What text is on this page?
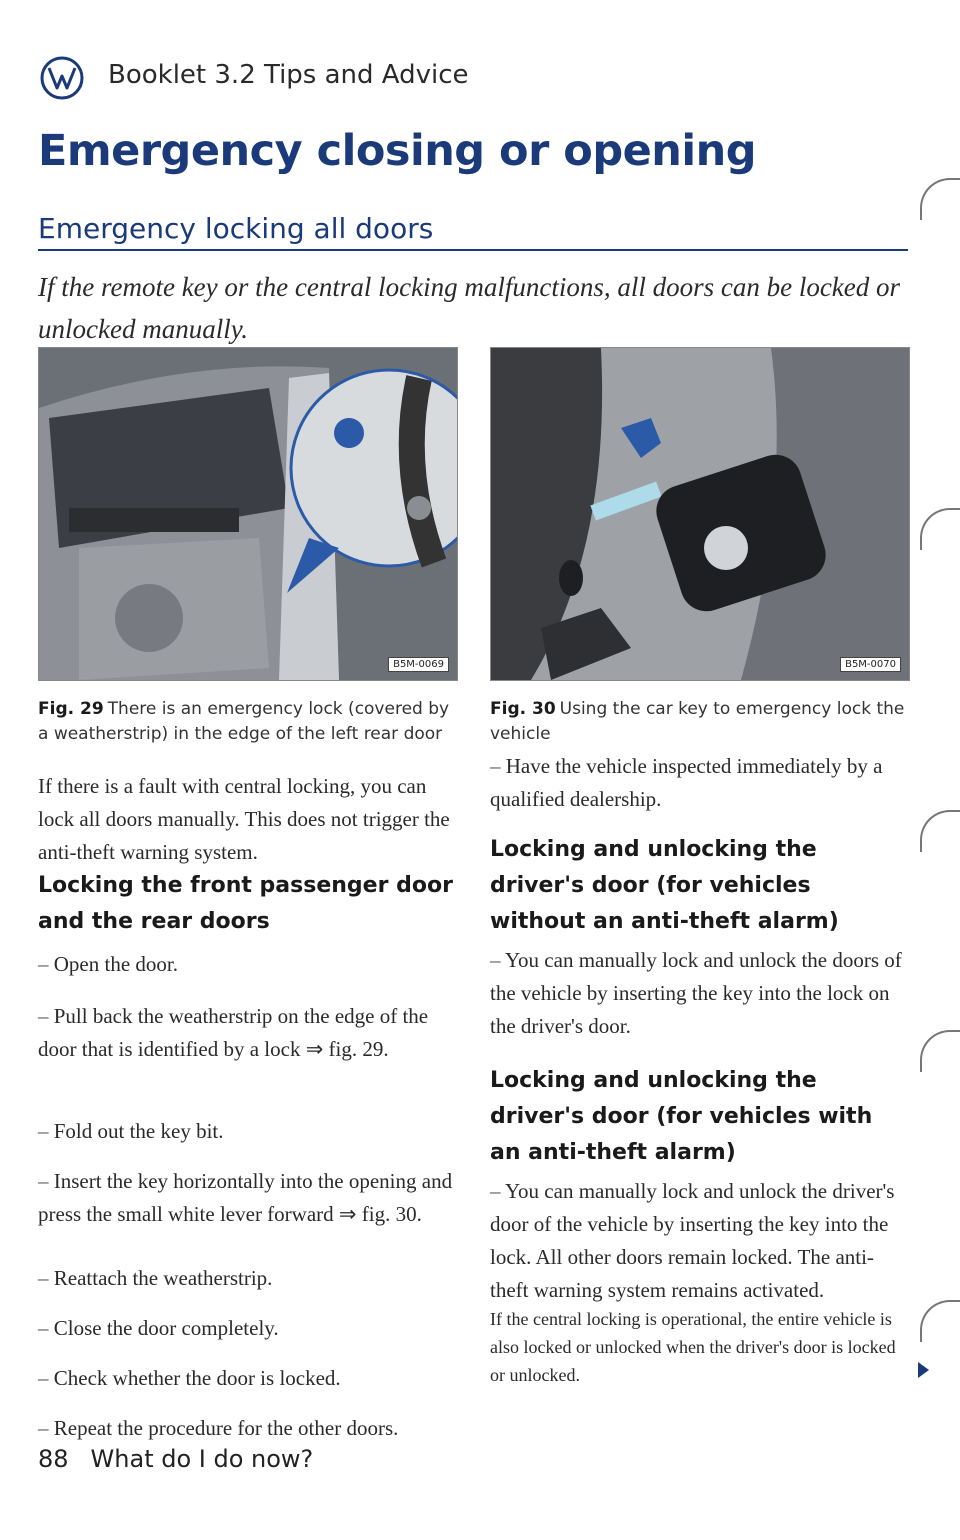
Booklet 3.2 Tips and Advice
Emergency closing or opening
Emergency locking all doors
If the remote key or the central locking malfunctions, all doors can be locked or unlocked manually.
B5M-0069
Fig. 29 There is an emergency lock (covered by a weatherstrip) in the edge of the left rear door
B5M-0070
Fig. 30 Using the car key to emergency lock the vehicle
If there is a fault with central locking, you can lock all doors manually. This does not trigger the anti-theft warning system.
Locking the front passenger door and the rear doors
– Open the door.
– Pull back the weatherstrip on the edge of the door that is identified by a lock ⇒ fig. 29.
– Fold out the key bit.
– Insert the key horizontally into the opening and press the small white lever forward ⇒ fig. 30.
– Reattach the weatherstrip.
– Close the door completely.
– Check whether the door is locked.
– Repeat the procedure for the other doors.
– Have the vehicle inspected immediately by a qualified dealership.
Locking and unlocking the driver's door (for vehicles without an anti-theft alarm)
– You can manually lock and unlock the doors of the vehicle by inserting the key into the lock on the driver's door.
Locking and unlocking the driver's door (for vehicles with an anti-theft alarm)
– You can manually lock and unlock the driver's door of the vehicle by inserting the key into the lock. All other doors remain locked. The anti-theft warning system remains activated.
If the central locking is operational, the entire vehicle is also locked or unlocked when the driver's door is locked or unlocked.
88 What do I do now?
